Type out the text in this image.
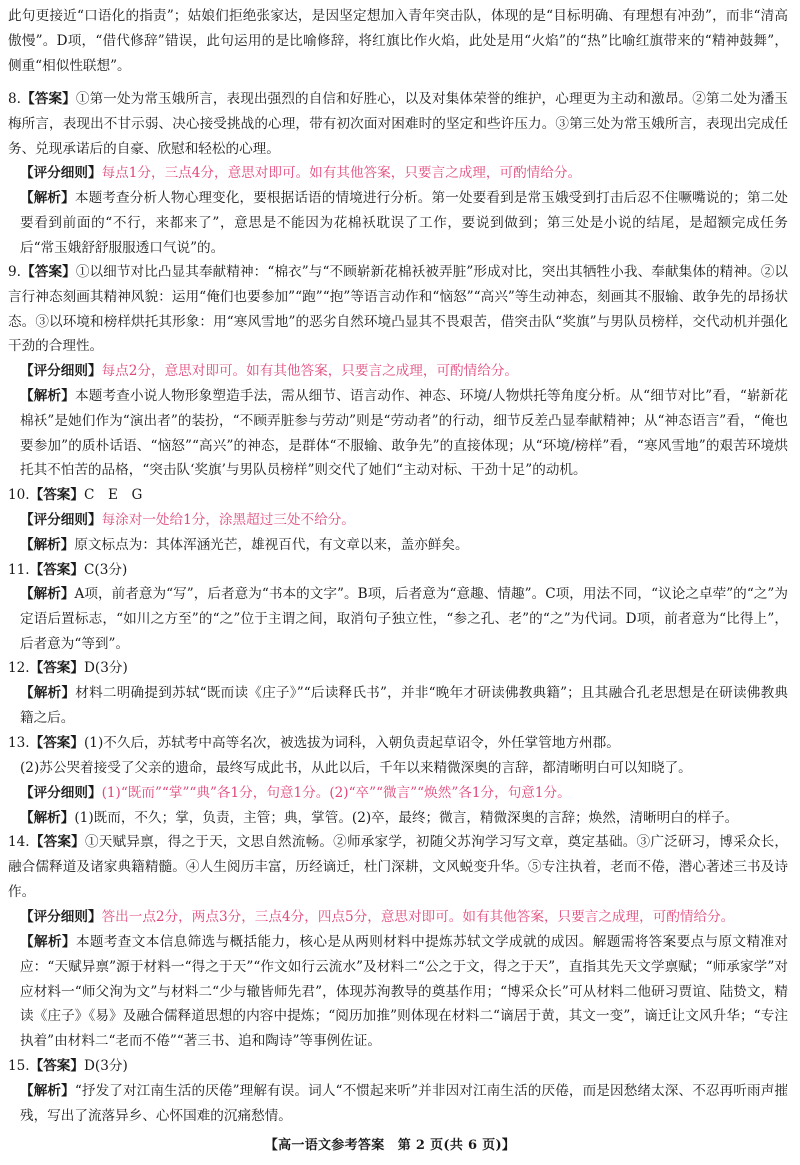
此句更接近“口语化的指责”；姑娘们拒绝张家达，是因坚定想加入青年突击队，体现的是“目标明确、有理想有冲劲”，而非“清高傲慢”。D项，“借代修辞”错误，此句运用的是比喻修辞，将红旗比作火焰，此处是用“火焰”的“热”比喻红旗带来的“精神鼓舞”，侧重“相似性联想”。
8.【答案】①第一处为常玉娥所言，表现出强烈的自信和好胜心，以及对集体荣誉的维护，心理更为主动和激昂。②第二处为潘玉梅所言，表现出不甘示弱、决心接受挑战的心理，带有初次面对困难时的坚定和些许压力。③第三处为常玉娥所言，表现出完成任务、兑现承诺后的自豪、欣慰和轻松的心理。
【评分细则】每点1分，三点4分，意思对即可。如有其他答案，只要言之成理，可酌情给分。
【解析】本题考查分析人物心理变化，要根据话语的情境进行分析。第一处要看到是常玉娥受到打击后忍不住噘嘴说的；第二处要看到前面的“不行，来都来了”，意思是不能因为花棉袄耽误了工作，要说到做到；第三处是小说的结尾，是超额完成任务后“常玉娥舒舒服服透口气说”的。
9.【答案】①以细节对比凸显其奉献精神：“棉衣”与“不顾崭新花棉袄被弄脏”形成对比，突出其牺牲小我、奉献集体的精神。②以言行神态刻画其精神风貌：运用“俺们也要参加”“跑”“抱”等语言动作和“恼怒”“高兴”等生动神态，刻画其不服输、敢争先的昂扬状态。③以环境和榜样烘托其形象：用“寒风雪地”的恶劣自然环境凸显其不畏艰苦，借突击队“奖旗”与男队员榜样，交代动机并强化干劲的合理性。
【评分细则】每点2分，意思对即可。如有其他答案，只要言之成理，可酌情给分。
【解析】本题考查小说人物形象塑造手法，需从细节、语言动作、神态、环境/人物烘托等角度分析。从“细节对比”看，“崭新花棉袄”是她们作为“演出者”的装扮，“不顾弄脏参与劳动”则是“劳动者”的行动，细节反差凸显奉献精神；从“神态语言”看，“俺也要参加”的质朴话语、“恼怒”“高兴”的神态，是群体“不服输、敢争先”的直接体现；从“环境/榜样”看，“寒风雪地”的艰苦环境烘托其不怕苦的品格，“突击队‘奖旗’与男队员榜样”则交代了她们“主动对标、干劲十足”的动机。
10.【答案】C　E　G
【评分细则】每涂对一处给1分，涂黑超过三处不给分。
【解析】原文标点为：其体浑涵光芒，雄视百代，有文章以来，盖亦鲜矣。
11.【答案】C(3分)
【解析】A项，前者意为“写”，后者意为“书本的文字”。B项，后者意为“意趣、情趣”。C项，用法不同，“议论之卓荦”的“之”为定语后置标志，“如川之方至”的“之”位于主谓之间，取消句子独立性，“参之孔、老”的“之”为代词。D项，前者意为“比得上”，后者意为“等到”。
12.【答案】D(3分)
【解析】材料二明确提到苏轼“既而读《庄子》”“后读释氏书”，并非“晚年才研读佛教典籍”；且其融合孔老思想是在研读佛教典籍之后。
13.【答案】(1)不久后，苏轼考中高等名次，被选拔为词科，入朝负责起草诏令，外任掌管地方州郡。
(2)苏公哭着接受了父亲的遗命，最终写成此书，从此以后，千年以来精微深奥的言辞，都清晰明白可以知晓了。
【评分细则】(1)“既而”“掌”“典”各1分，句意1分。(2)“卒”“微言”“焕然”各1分，句意1分。
【解析】(1)既而，不久；掌，负责，主管；典，掌管。(2)卒，最终；微言，精微深奥的言辞；焕然，清晰明白的样子。
14.【答案】①天赋异禀，得之于天，文思自然流畅。②师承家学，初随父苏洵学习写文章，奠定基础。③广泛研习，博采众长，融合儒释道及诸家典籍精髓。④人生阅历丰富，历经谪迁，杜门深耕，文风蜕变升华。⑤专注执着，老而不倦，潜心著述三书及诗作。
【评分细则】答出一点2分，两点3分，三点4分，四点5分，意思对即可。如有其他答案，只要言之成理，可酌情给分。
【解析】本题考查文本信息筛选与概括能力，核心是从两则材料中提炼苏轼文学成就的成因。解题需将答案要点与原文精准对应：“天赋异禀”源于材料一“得之于天”“作文如行云流水”及材料二“公之于文，得之于天”，直指其先天文学禀赋；“师承家学”对应材料一“师父洵为文”与材料二“少与辙皆师先君”，体现苏洵教导的奠基作用；“博采众长”可从材料二他研习贾谊、陆贽文，精读《庄子》《易》及融合儒释道思想的内容中提炼；“阅历加推”则体现在材料二“谪居于黄，其文一变”，谪迁让文风升华；“专注执着”由材料二“老而不倦”“著三书、追和陶诗”等事例佐证。
15.【答案】D(3分)
【解析】“抒发了对江南生活的厌倦”理解有误。词人“不惯起来听”并非因对江南生活的厌倦，而是因愁绪太深、不忍再听雨声摧残，写出了流落异乡、心怀国难的沉痛愁情。
【高一语文参考答案　第 2 页(共 6 页)】
